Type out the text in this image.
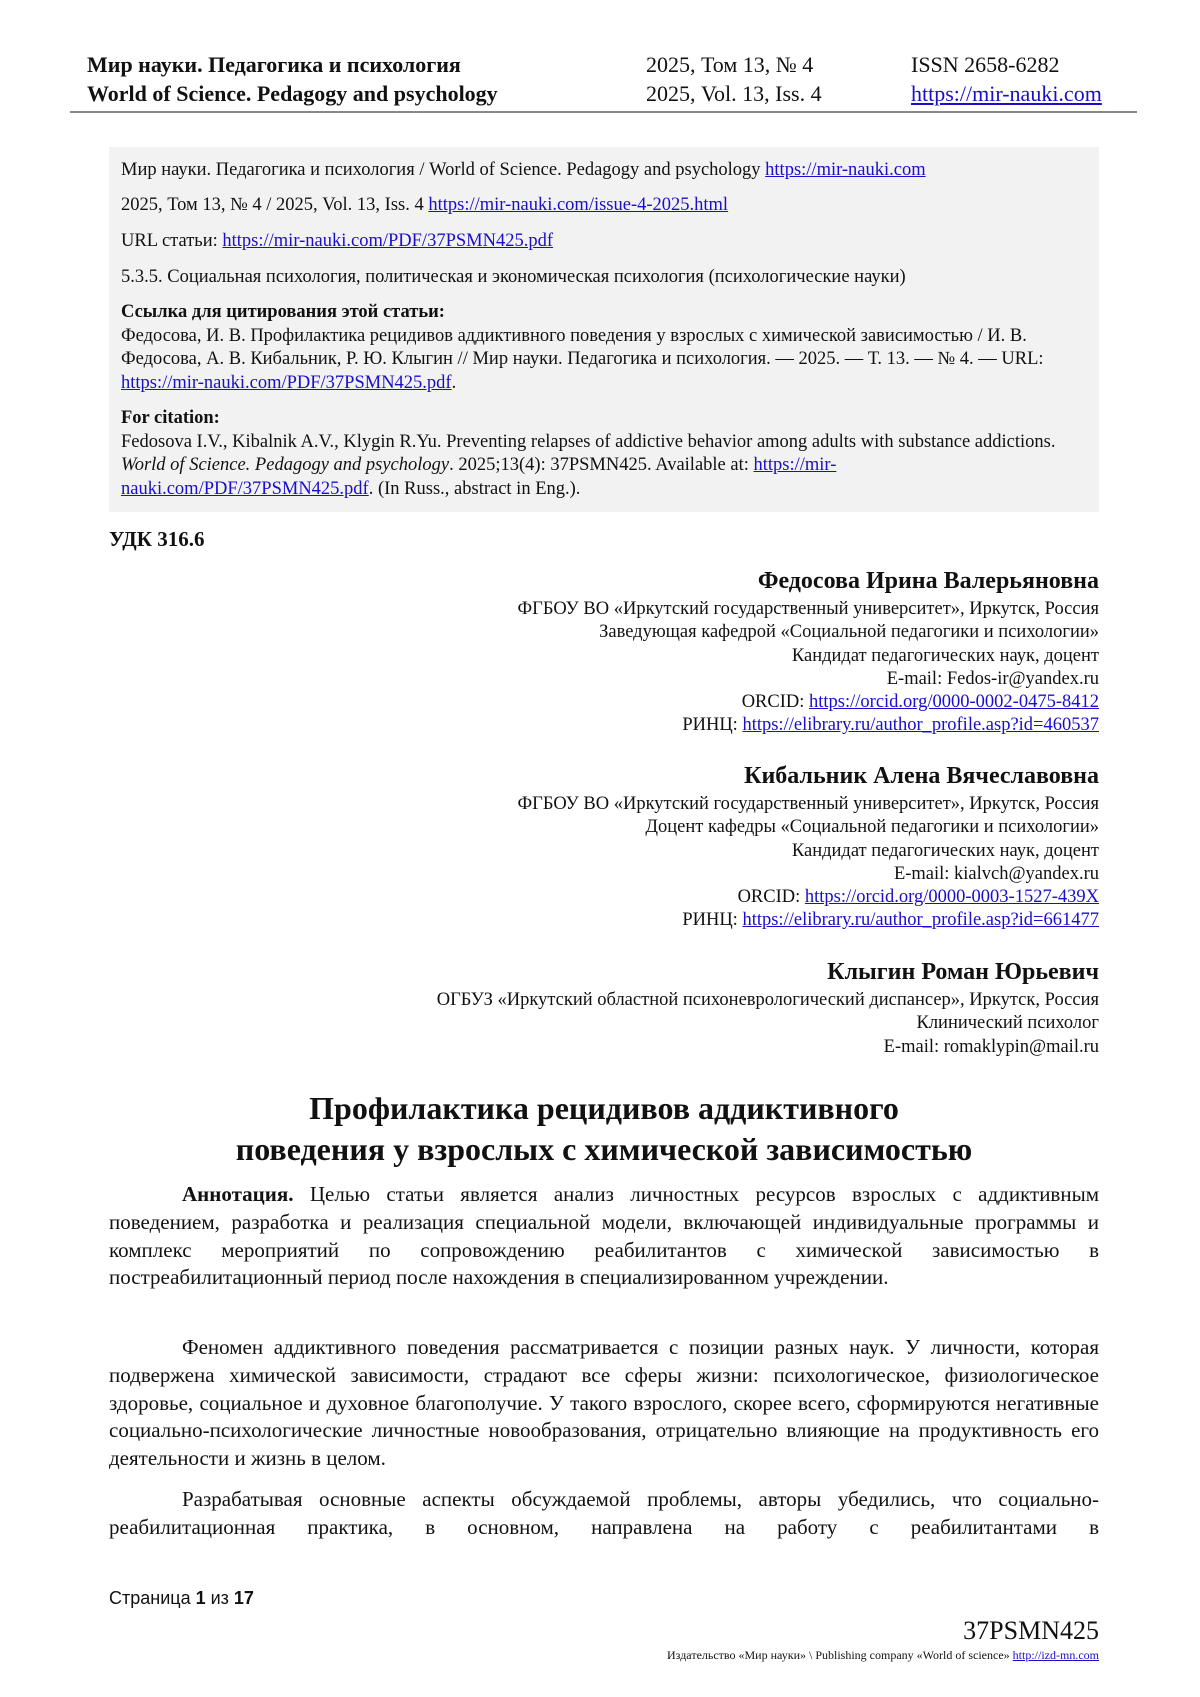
Мир науки. Педагогика и психология
World of Science. Pedagogy and psychology
2025, Том 13, № 4
2025, Vol. 13, Iss. 4
ISSN 2658-6282
https://mir-nauki.com
Мир науки. Педагогика и психология / World of Science. Pedagogy and psychology https://mir-nauki.com
2025, Том 13, № 4 / 2025, Vol. 13, Iss. 4 https://mir-nauki.com/issue-4-2025.html
URL статьи: https://mir-nauki.com/PDF/37PSMN425.pdf
5.3.5. Социальная психология, политическая и экономическая психология (психологические науки)
Ссылка для цитирования этой статьи:
Федосова, И. В. Профилактика рецидивов аддиктивного поведения у взрослых с химической зависимостью / И. В. Федосова, А. В. Кибальник, Р. Ю. Клыгин // Мир науки. Педагогика и психология. — 2025. — Т. 13. — № 4. — URL: https://mir-nauki.com/PDF/37PSMN425.pdf.
For citation:
Fedosova I.V., Kibalnik A.V., Klygin R.Yu. Preventing relapses of addictive behavior among adults with substance addictions. World of Science. Pedagogy and psychology. 2025;13(4): 37PSMN425. Available at: https://mir-nauki.com/PDF/37PSMN425.pdf. (In Russ., abstract in Eng.).
УДК 316.6
Федосова Ирина Валерьяновна
ФГБОУ ВО «Иркутский государственный университет», Иркутск, Россия
Заведующая кафедрой «Социальной педагогики и психологии»
Кандидат педагогических наук, доцент
E-mail: Fedos-ir@yandex.ru
ORCID: https://orcid.org/0000-0002-0475-8412
РИНЦ: https://elibrary.ru/author_profile.asp?id=460537
Кибальник Алена Вячеславовна
ФГБОУ ВО «Иркутский государственный университет», Иркутск, Россия
Доцент кафедры «Социальной педагогики и психологии»
Кандидат педагогических наук, доцент
E-mail: kialvch@yandex.ru
ORCID: https://orcid.org/0000-0003-1527-439X
РИНЦ: https://elibrary.ru/author_profile.asp?id=661477
Клыгин Роман Юрьевич
ОГБУЗ «Иркутский областной психоневрологический диспансер», Иркутск, Россия
Клинический психолог
E-mail: romaklypin@mail.ru
Профилактика рецидивов аддиктивного
поведения у взрослых с химической зависимостью
Аннотация. Целью статьи является анализ личностных ресурсов взрослых с аддиктивным поведением, разработка и реализация специальной модели, включающей индивидуальные программы и комплекс мероприятий по сопровождению реабилитантов с химической зависимостью в постреабилитационный период после нахождения в специализированном учреждении.
Феномен аддиктивного поведения рассматривается с позиции разных наук. У личности, которая подвержена химической зависимости, страдают все сферы жизни: психологическое, физиологическое здоровье, социальное и духовное благополучие. У такого взрослого, скорее всего, сформируются негативные социально-психологические личностные новообразования, отрицательно влияющие на продуктивность его деятельности и жизнь в целом.
Разрабатывая основные аспекты обсуждаемой проблемы, авторы убедились, что социально-реабилитационная практика, в основном, направлена на работу с реабилитантами в
Страница 1 из 17
37PSMN425
Издательство «Мир науки» \ Publishing company «World of science» http://izd-mn.com
